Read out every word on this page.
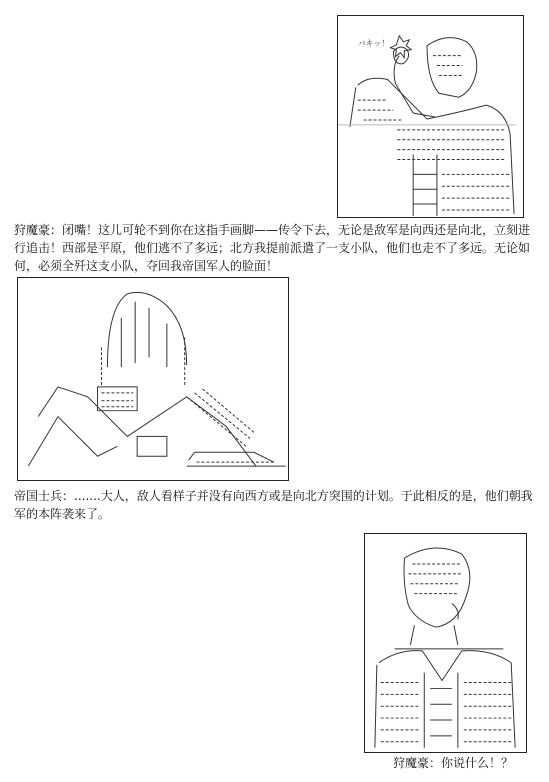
バキッ！
狩魔豪：闭嘴！这儿可轮不到你在这指手画脚——传令下去，无论是敌军是向西还是向北，立刻进行追击！西部是平原，他们逃不了多远；北方我提前派遣了一支小队，他们也走不了多远。无论如何，必须全歼这支小队，夺回我帝国军人的脸面！
帝国士兵：.......大人，敌人看样子并没有向西方或是向北方突围的计划。于此相反的是，他们朝我军的本阵袭来了。
狩魔豪：你说什么！？
